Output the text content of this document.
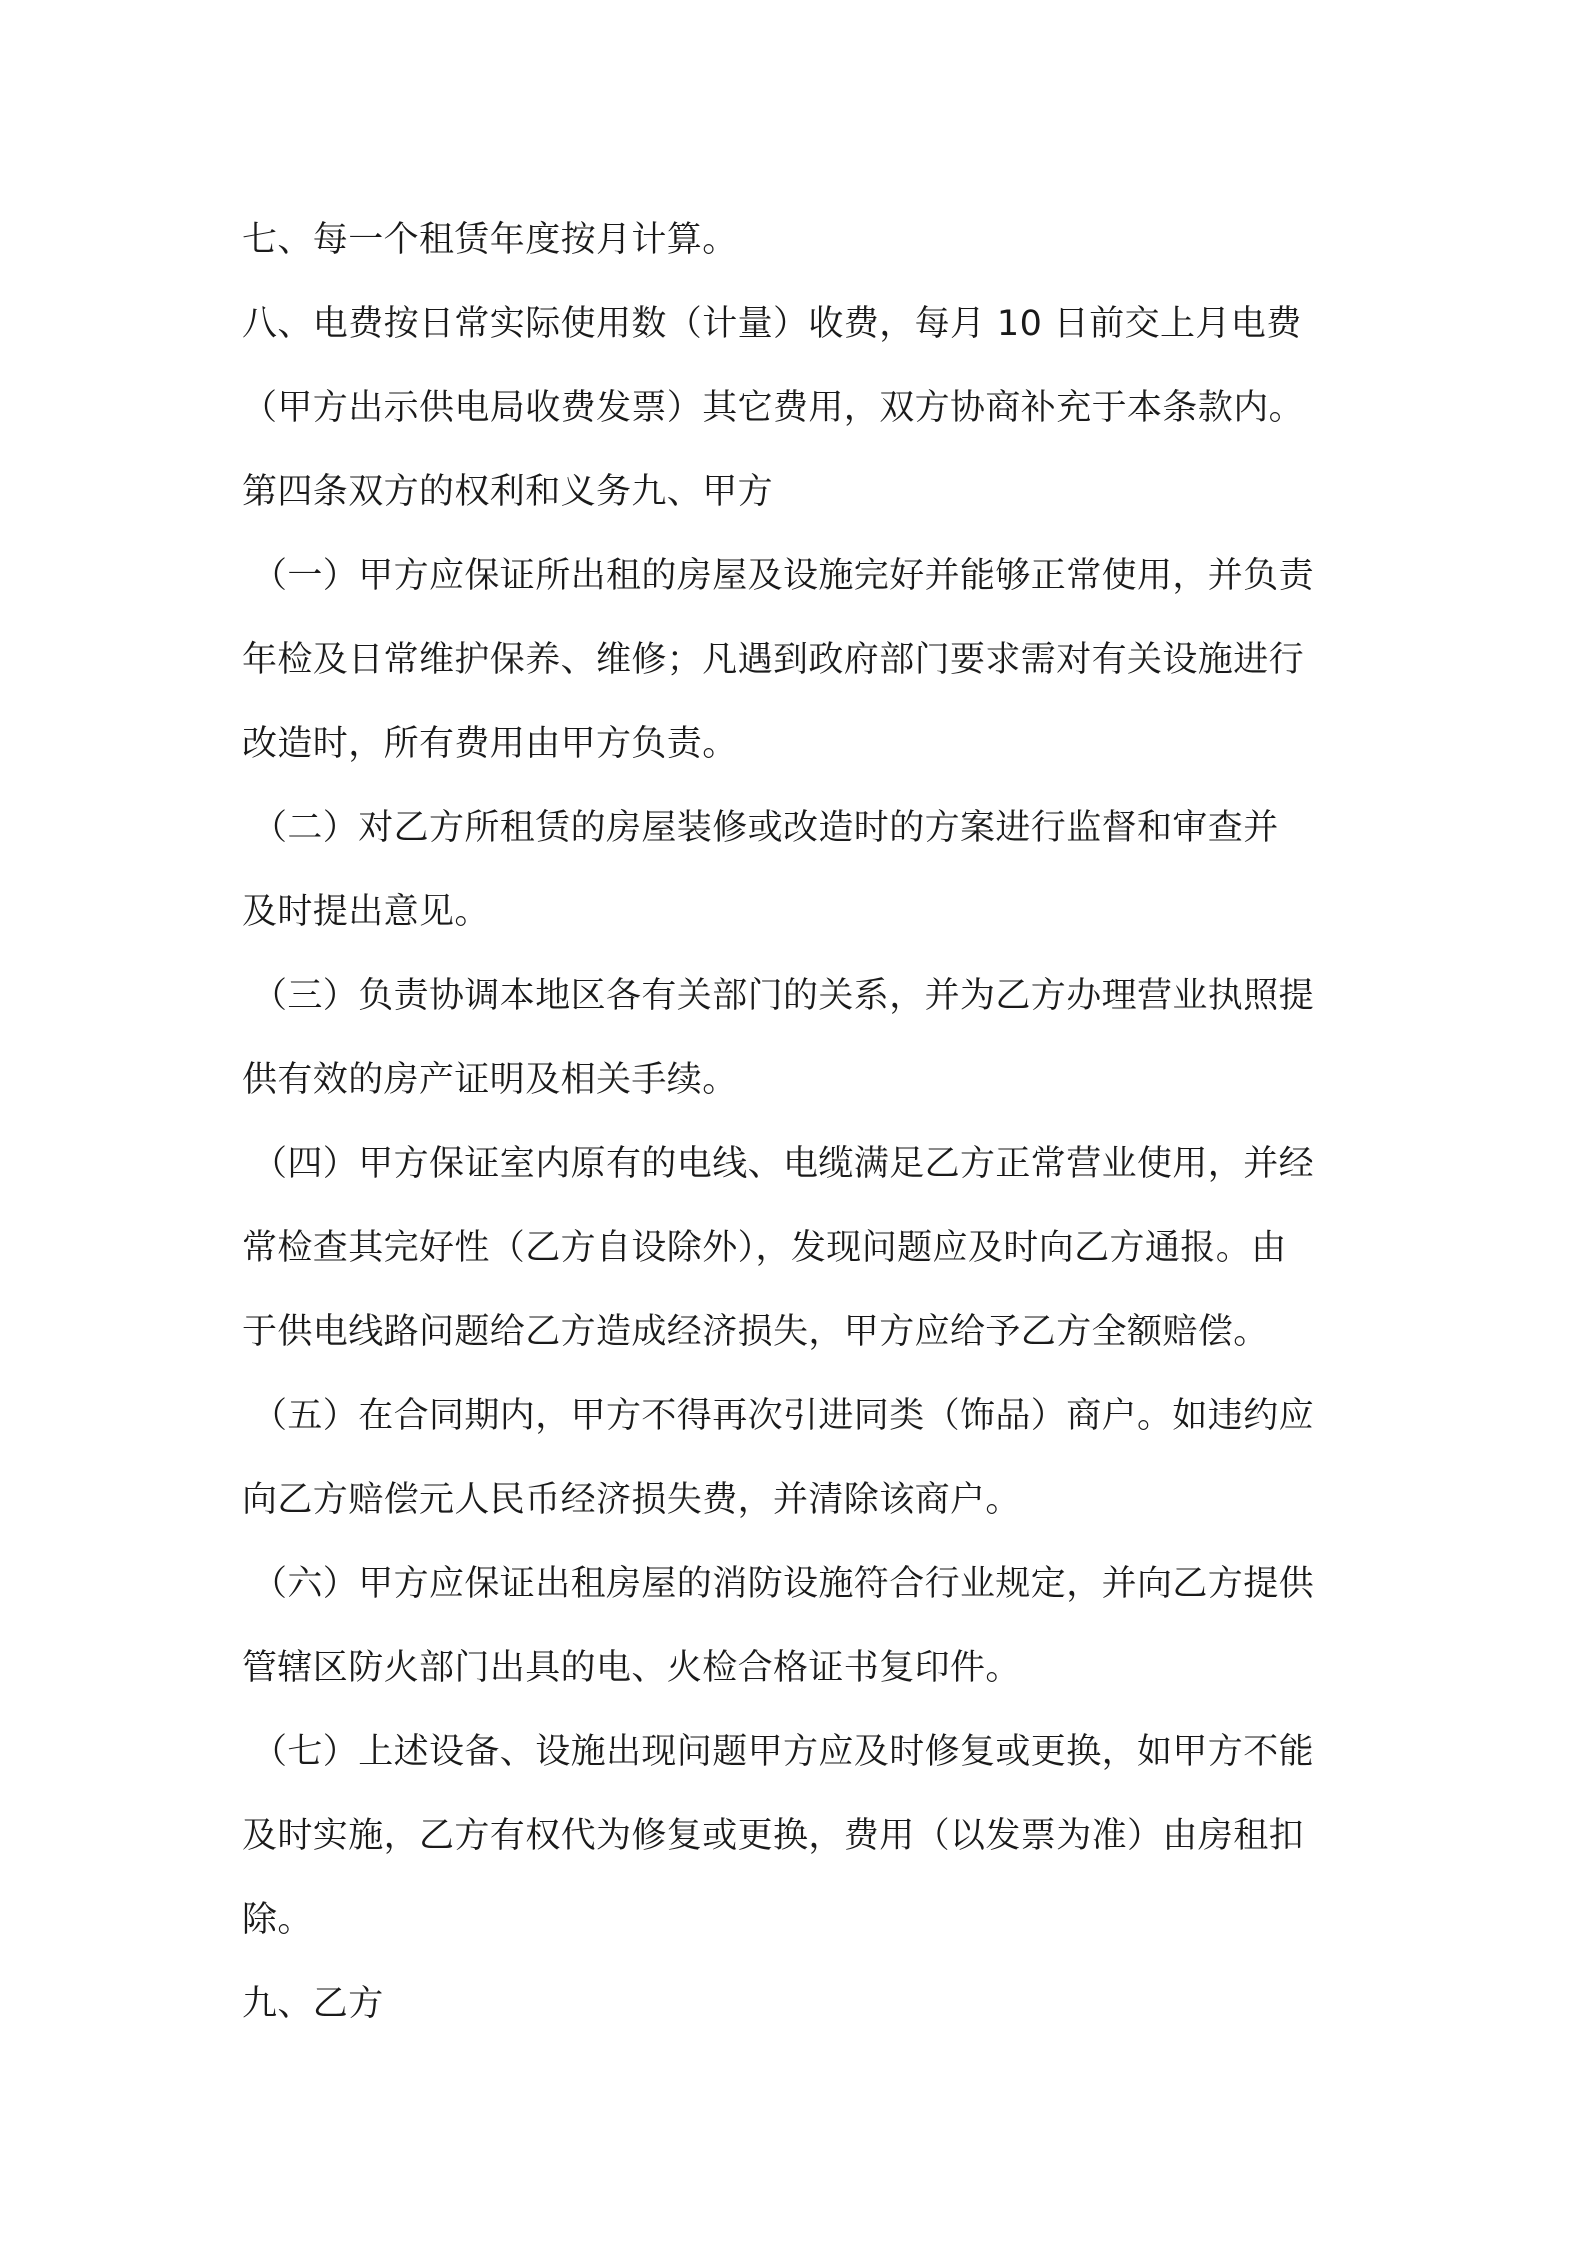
七、每一个租赁年度按月计算。
八、电费按日常实际使用数（计量）收费，每月 10 日前交上月电费
（甲方出示供电局收费发票）其它费用，双方协商补充于本条款内。
第四条双方的权利和义务九、甲方
（一）甲方应保证所出租的房屋及设施完好并能够正常使用，并负责
年检及日常维护保养、维修；凡遇到政府部门要求需对有关设施进行
改造时，所有费用由甲方负责。
（二）对乙方所租赁的房屋装修或改造时的方案进行监督和审查并
及时提出意见。
（三）负责协调本地区各有关部门的关系，并为乙方办理营业执照提
供有效的房产证明及相关手续。
（四）甲方保证室内原有的电线、电缆满足乙方正常营业使用，并经
常检查其完好性（乙方自设除外），发现问题应及时向乙方通报。由
于供电线路问题给乙方造成经济损失，甲方应给予乙方全额赔偿。
（五）在合同期内，甲方不得再次引进同类（饰品）商户。如违约应
向乙方赔偿元人民币经济损失费，并清除该商户。
（六）甲方应保证出租房屋的消防设施符合行业规定，并向乙方提供
管辖区防火部门出具的电、火检合格证书复印件。
（七）上述设备、设施出现问题甲方应及时修复或更换，如甲方不能
及时实施，乙方有权代为修复或更换，费用（以发票为准）由房租扣
除。
九、乙方
